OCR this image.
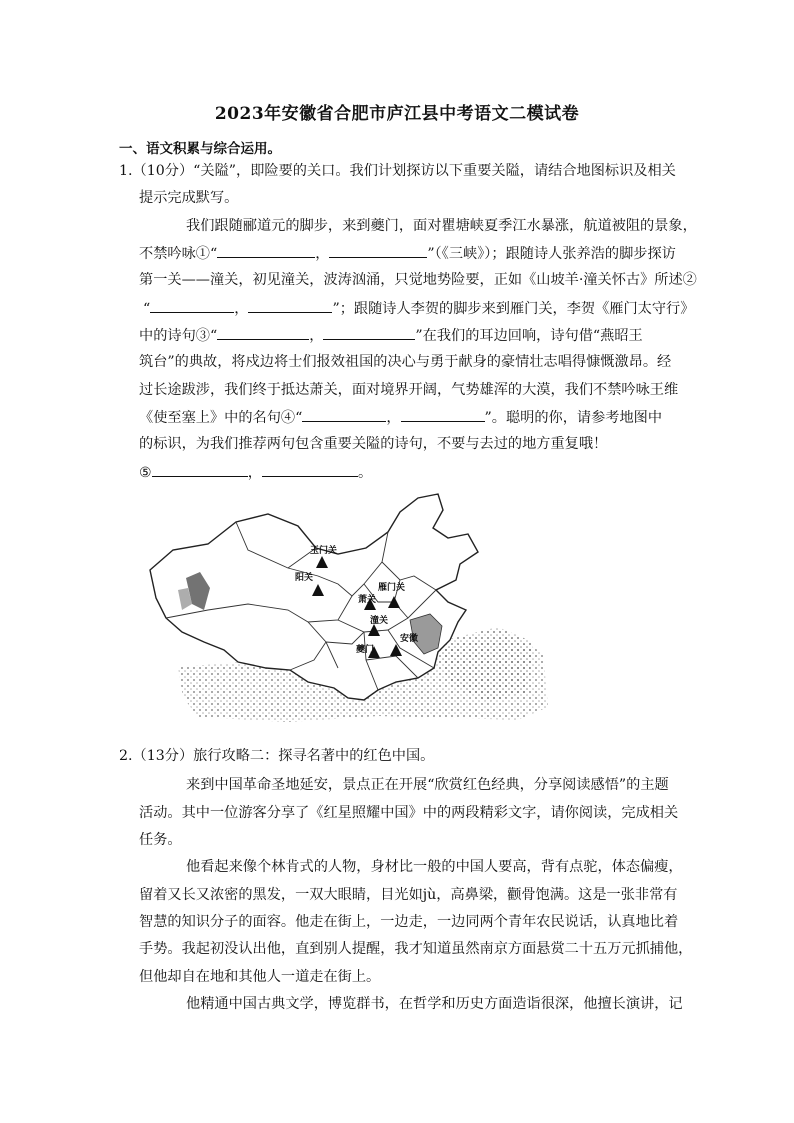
2023年安徽省合肥市庐江县中考语文二模试卷
一、语文积累与综合运用。
1.（10分）“关隘”，即险要的关口。我们计划探访以下重要关隘，请结合地图标识及相关
提示完成默写。
我们跟随郦道元的脚步，来到夔门，面对瞿塘峡夏季江水暴涨，航道被阻的景象，
不禁吟咏①“	，	”（《三峡》）；跟随诗人张养浩的脚步探访
第一关——潼关，初见潼关，波涛汹涌，只觉地势险要，正如《山坡羊·潼关怀古》所述②
“	，	”；跟随诗人李贺的脚步来到雁门关，李贺《雁门太守行》
中的诗句③“	，	”在我们的耳边回响，诗句借“燕昭王
筑台”的典故，将戍边将士们报效祖国的决心与勇于献身的豪情壮志唱得慷慨激昂。经
过长途跋涉，我们终于抵达萧关，面对境界开阔，气势雄浑的大漠，我们不禁吟咏王维
《使至塞上》中的名句④“	，	”。聪明的你，请参考地图中
的标识，为我们推荐两句包含重要关隘的诗句，不要与去过的地方重复哦！
⑤	，	。
玉门关
阳关
雁门关
萧关
潼关
安徽
夔门
2.（13分）旅行攻略二：探寻名著中的红色中国。
来到中国革命圣地延安，景点正在开展“欣赏红色经典，分享阅读感悟”的主题
活动。其中一位游客分享了《红星照耀中国》中的两段精彩文字，请你阅读，完成相关
任务。
他看起来像个林肯式的人物，身材比一般的中国人要高，背有点驼，体态偏瘦，
留着又长又浓密的黑发，一双大眼睛，目光如jù，高鼻梁，颧骨饱满。这是一张非常有
智慧的知识分子的面容。他走在街上，一边走，一边同两个青年农民说话，认真地比着
手势。我起初没认出他，直到别人提醒，我才知道虽然南京方面悬赏二十五万元抓捕他，
但他却自在地和其他人一道走在街上。
他精通中国古典文学，博览群书，在哲学和历史方面造诣很深，他擅长演讲，记
